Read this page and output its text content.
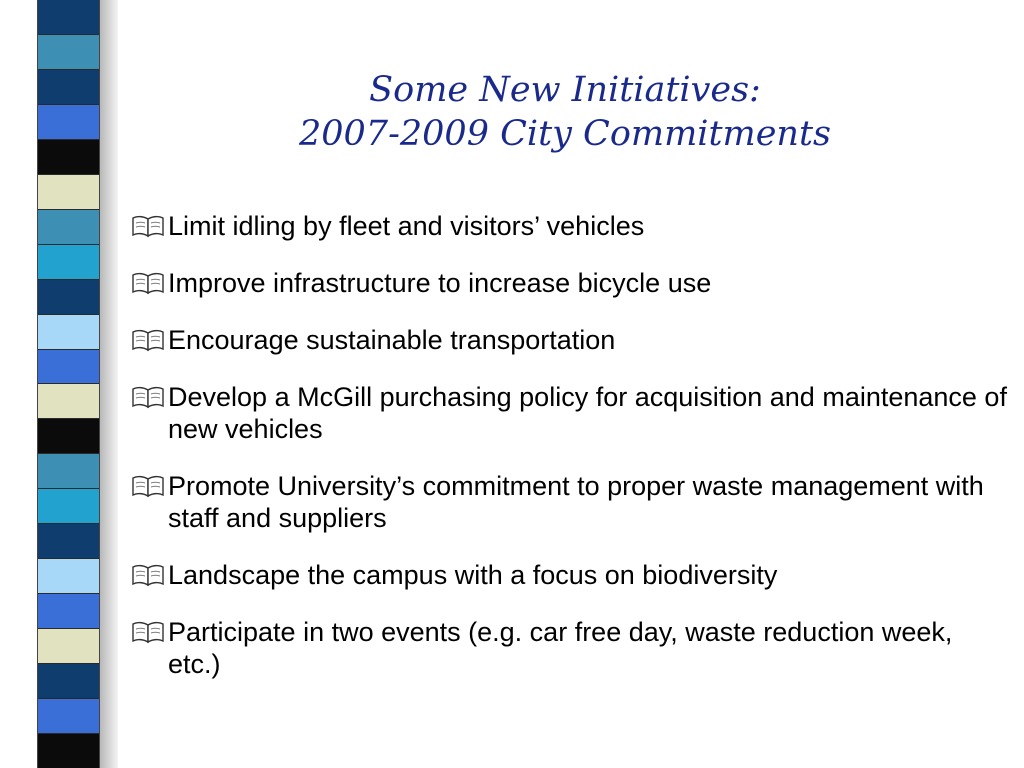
Some New Initiatives:
2007-2009 City Commitments
Limit idling by fleet and visitors’ vehicles
Improve infrastructure to increase bicycle use
Encourage sustainable transportation
Develop a McGill purchasing policy for acquisition and maintenance of new vehicles
Promote University’s commitment to proper waste management with staff and suppliers
Landscape the campus with a focus on biodiversity
Participate in two events (e.g. car free day, waste reduction week, etc.)
